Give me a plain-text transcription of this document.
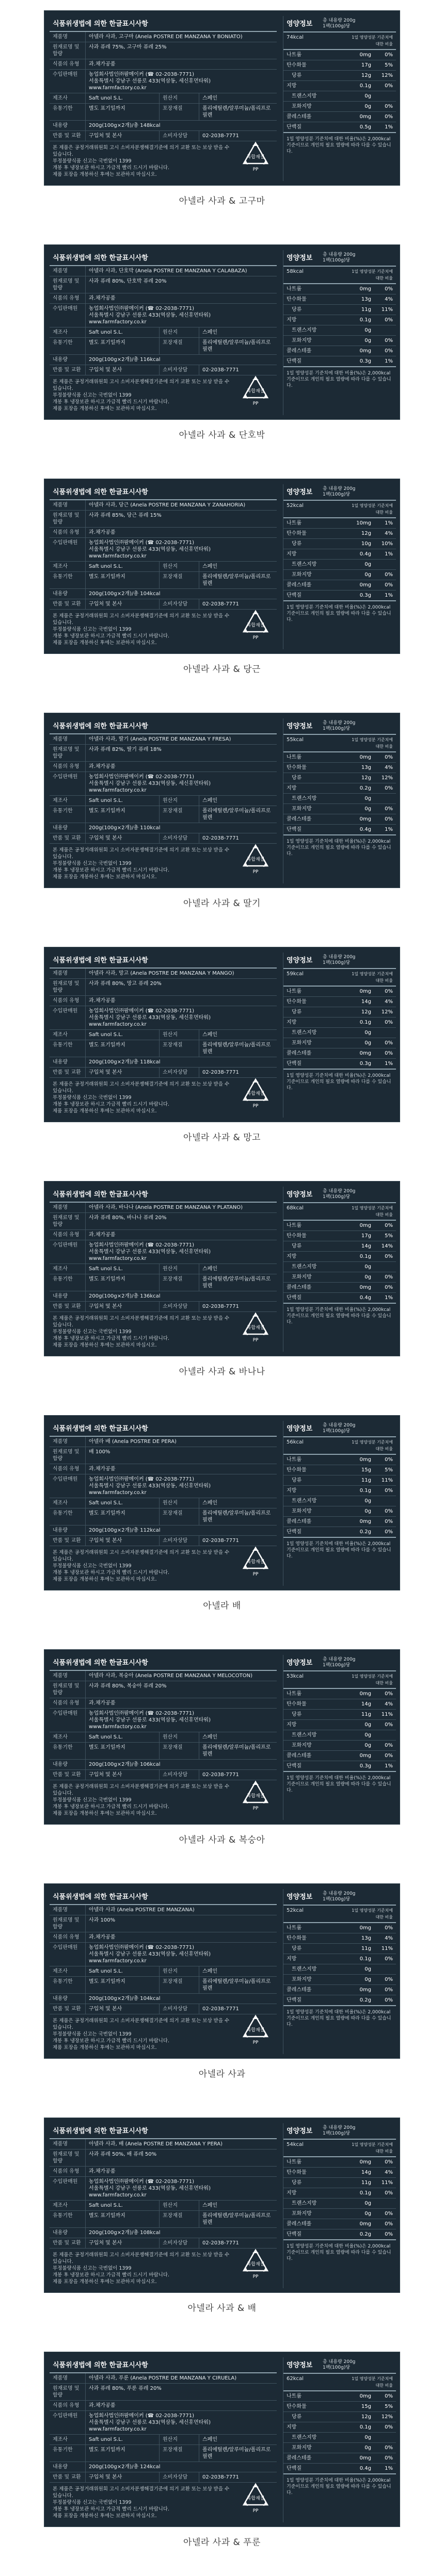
식품위생법에 의한 한글표시사항
제품명	아넬라 사과, 고구마 (Anela POSTRE DE MANZANA Y BONIATO)
원재료명 및 함량
사과 퓨레 75%, 고구마 퓨레 25%
식품의 유형	과.채가공품
수입판매원	농업회사법인㈜팜메이커 (☎ 02-2038-7771)
서울특별시 강남구 선릉로 433(역삼동, 세신휴먼타워)
www.farmfactory.co.kr
제조사	Saft unol S.L.	원산지	스페인
유통기한	별도 표기일까지	포장재질	폴리에틸렌/알루미늄/폴리프로필렌
내용량	200g(100g×2개)/총 148kcal
반품 및 교환	구입처 및 본사	소비자상담	02-2038-7771
본 제품은 공정거래위원회 고시 소비자분쟁해결기준에 의거 교환 또는 보상 받을 수 있습니다.
부정불량식품 신고는 국번없이 1399
개봉 후 냉장보관 하시고 가급적 빨리 드시기 바랍니다.
제품 포장을 개봉하신 후에는 보관하지 마십시오.
복합재질
PP
영양정보	총 내용량 200g
1팩(100g)당
74kcal	1일 영양성분 기준치에 대한 비율
나트륨	0mg	0%
탄수화물	17g	5%
당류	12g	12%
지방	0.1g	0%
트랜스지방	0g
포화지방	0g	0%
콜레스테롤	0mg	0%
단백질	0.5g	1%
1일 영양성분 기준치에 대한 비율(%)은 2,000kcal 기준이므로 개인의 필요 열량에 따라 다를 수 있습니다.
아넬라 사과 & 고구마
식품위생법에 의한 한글표시사항
제품명	아넬라 사과, 단호박 (Anela POSTRE DE MANZANA Y CALABAZA)
원재료명 및 함량
사과 퓨레 80%, 단호박 퓨레 20%
식품의 유형	과.채가공품
수입판매원	농업회사법인㈜팜메이커 (☎ 02-2038-7771)
서울특별시 강남구 선릉로 433(역삼동, 세신휴먼타워)
www.farmfactory.co.kr
제조사	Saft unol S.L.	원산지	스페인
유통기한	별도 표기일까지	포장재질	폴리에틸렌/알루미늄/폴리프로필렌
내용량	200g(100g×2개)/총 116kcal
반품 및 교환	구입처 및 본사	소비자상담	02-2038-7771
본 제품은 공정거래위원회 고시 소비자분쟁해결기준에 의거 교환 또는 보상 받을 수 있습니다.
부정불량식품 신고는 국번없이 1399
개봉 후 냉장보관 하시고 가급적 빨리 드시기 바랍니다.
제품 포장을 개봉하신 후에는 보관하지 마십시오.
복합재질
PP
영양정보	총 내용량 200g
1팩(100g)당
58kcal	1일 영양성분 기준치에 대한 비율
나트륨	0mg	0%
탄수화물	13g	4%
당류	11g	11%
지방	0.1g	0%
트랜스지방	0g
포화지방	0g	0%
콜레스테롤	0mg	0%
단백질	0.3g	1%
1일 영양성분 기준치에 대한 비율(%)은 2,000kcal 기준이므로 개인의 필요 열량에 따라 다를 수 있습니다.
아넬라 사과 & 단호박
식품위생법에 의한 한글표시사항
제품명	아넬라 사과, 당근 (Anela POSTRE DE MANZANA Y ZANAHORIA)
원재료명 및 함량
사과 퓨레 85%, 당근 퓨레 15%
식품의 유형	과.채가공품
수입판매원	농업회사법인㈜팜메이커 (☎ 02-2038-7771)
서울특별시 강남구 선릉로 433(역삼동, 세신휴먼타워)
www.farmfactory.co.kr
제조사	Saft unol S.L.	원산지	스페인
유통기한	별도 표기일까지	포장재질	폴리에틸렌/알루미늄/폴리프로필렌
내용량	200g(100g×2개)/총 104kcal
반품 및 교환	구입처 및 본사	소비자상담	02-2038-7771
본 제품은 공정거래위원회 고시 소비자분쟁해결기준에 의거 교환 또는 보상 받을 수 있습니다.
부정불량식품 신고는 국번없이 1399
개봉 후 냉장보관 하시고 가급적 빨리 드시기 바랍니다.
제품 포장을 개봉하신 후에는 보관하지 마십시오.
복합재질
PP
영양정보	총 내용량 200g
1팩(100g)당
52kcal	1일 영양성분 기준치에 대한 비율
나트륨	10mg	1%
탄수화물	12g	4%
당류	10g	10%
지방	0.4g	1%
트랜스지방	0g
포화지방	0g	0%
콜레스테롤	0mg	0%
단백질	0.3g	1%
1일 영양성분 기준치에 대한 비율(%)은 2,000kcal 기준이므로 개인의 필요 열량에 따라 다를 수 있습니다.
아넬라 사과 & 당근
식품위생법에 의한 한글표시사항
제품명	아넬라 사과, 딸기 (Anela POSTRE DE MANZANA Y FRESA)
원재료명 및 함량
사과 퓨레 82%, 딸기 퓨레 18%
식품의 유형	과.채가공품
수입판매원	농업회사법인㈜팜메이커 (☎ 02-2038-7771)
서울특별시 강남구 선릉로 433(역삼동, 세신휴먼타워)
www.farmfactory.co.kr
제조사	Saft unol S.L.	원산지	스페인
유통기한	별도 표기일까지	포장재질	폴리에틸렌/알루미늄/폴리프로필렌
내용량	200g(100g×2개)/총 110kcal
반품 및 교환	구입처 및 본사	소비자상담	02-2038-7771
본 제품은 공정거래위원회 고시 소비자분쟁해결기준에 의거 교환 또는 보상 받을 수 있습니다.
부정불량식품 신고는 국번없이 1399
개봉 후 냉장보관 하시고 가급적 빨리 드시기 바랍니다.
제품 포장을 개봉하신 후에는 보관하지 마십시오.
복합재질
PP
영양정보	총 내용량 200g
1팩(100g)당
55kcal	1일 영양성분 기준치에 대한 비율
나트륨	0mg	0%
탄수화물	13g	4%
당류	12g	12%
지방	0.2g	0%
트랜스지방	0g
포화지방	0g	0%
콜레스테롤	0mg	0%
단백질	0.4g	1%
1일 영양성분 기준치에 대한 비율(%)은 2,000kcal 기준이므로 개인의 필요 열량에 따라 다를 수 있습니다.
아넬라 사과 & 딸기
식품위생법에 의한 한글표시사항
제품명	아넬라 사과, 망고 (Anela POSTRE DE MANZANA Y MANGO)
원재료명 및 함량
사과 퓨레 80%, 망고 퓨레 20%
식품의 유형	과.채가공품
수입판매원	농업회사법인㈜팜메이커 (☎ 02-2038-7771)
서울특별시 강남구 선릉로 433(역삼동, 세신휴먼타워)
www.farmfactory.co.kr
제조사	Saft unol S.L.	원산지	스페인
유통기한	별도 표기일까지	포장재질	폴리에틸렌/알루미늄/폴리프로필렌
내용량	200g(100g×2개)/총 118kcal
반품 및 교환	구입처 및 본사	소비자상담	02-2038-7771
본 제품은 공정거래위원회 고시 소비자분쟁해결기준에 의거 교환 또는 보상 받을 수 있습니다.
부정불량식품 신고는 국번없이 1399
개봉 후 냉장보관 하시고 가급적 빨리 드시기 바랍니다.
제품 포장을 개봉하신 후에는 보관하지 마십시오.
복합재질
PP
영양정보	총 내용량 200g
1팩(100g)당
59kcal	1일 영양성분 기준치에 대한 비율
나트륨	0mg	0%
탄수화물	14g	4%
당류	12g	12%
지방	0.1g	0%
트랜스지방	0g
포화지방	0g	0%
콜레스테롤	0mg	0%
단백질	0.3g	1%
1일 영양성분 기준치에 대한 비율(%)은 2,000kcal 기준이므로 개인의 필요 열량에 따라 다를 수 있습니다.
아넬라 사과 & 망고
식품위생법에 의한 한글표시사항
제품명	아넬라 사과, 바나나 (Anela POSTRE DE MANZANA Y PLATANO)
원재료명 및 함량
사과 퓨레 80%, 바나나 퓨레 20%
식품의 유형	과.채가공품
수입판매원	농업회사법인㈜팜메이커 (☎ 02-2038-7771)
서울특별시 강남구 선릉로 433(역삼동, 세신휴먼타워)
www.farmfactory.co.kr
제조사	Saft unol S.L.	원산지	스페인
유통기한	별도 표기일까지	포장재질	폴리에틸렌/알루미늄/폴리프로필렌
내용량	200g(100g×2개)/총 136kcal
반품 및 교환	구입처 및 본사	소비자상담	02-2038-7771
본 제품은 공정거래위원회 고시 소비자분쟁해결기준에 의거 교환 또는 보상 받을 수 있습니다.
부정불량식품 신고는 국번없이 1399
개봉 후 냉장보관 하시고 가급적 빨리 드시기 바랍니다.
제품 포장을 개봉하신 후에는 보관하지 마십시오.
복합재질
PP
영양정보	총 내용량 200g
1팩(100g)당
68kcal	1일 영양성분 기준치에 대한 비율
나트륨	0mg	0%
탄수화물	17g	5%
당류	14g	14%
지방	0.1g	0%
트랜스지방	0g
포화지방	0g	0%
콜레스테롤	0mg	0%
단백질	0.4g	1%
1일 영양성분 기준치에 대한 비율(%)은 2,000kcal 기준이므로 개인의 필요 열량에 따라 다를 수 있습니다.
아넬라 사과 & 바나나
식품위생법에 의한 한글표시사항
제품명	아넬라 배 (Anela POSTRE DE PERA)
원재료명 및 함량
배 100%
식품의 유형	과.채가공품
수입판매원	농업회사법인㈜팜메이커 (☎ 02-2038-7771)
서울특별시 강남구 선릉로 433(역삼동, 세신휴먼타워)
www.farmfactory.co.kr
제조사	Saft unol S.L.	원산지	스페인
유통기한	별도 표기일까지	포장재질	폴리에틸렌/알루미늄/폴리프로필렌
내용량	200g(100g×2개)/총 112kcal
반품 및 교환	구입처 및 본사	소비자상담	02-2038-7771
본 제품은 공정거래위원회 고시 소비자분쟁해결기준에 의거 교환 또는 보상 받을 수 있습니다.
부정불량식품 신고는 국번없이 1399
개봉 후 냉장보관 하시고 가급적 빨리 드시기 바랍니다.
제품 포장을 개봉하신 후에는 보관하지 마십시오.
복합재질
PP
영양정보	총 내용량 200g
1팩(100g)당
56kcal	1일 영양성분 기준치에 대한 비율
나트륨	0mg	0%
탄수화물	15g	5%
당류	11g	11%
지방	0.1g	0%
트랜스지방	0g
포화지방	0g	0%
콜레스테롤	0mg	0%
단백질	0.2g	0%
1일 영양성분 기준치에 대한 비율(%)은 2,000kcal 기준이므로 개인의 필요 열량에 따라 다를 수 있습니다.
아넬라 배
식품위생법에 의한 한글표시사항
제품명	아넬라 사과, 복숭아 (Anela POSTRE DE MANZANA Y MELOCOTON)
원재료명 및 함량
사과 퓨레 80%, 복숭아 퓨레 20%
식품의 유형	과.채가공품
수입판매원	농업회사법인㈜팜메이커 (☎ 02-2038-7771)
서울특별시 강남구 선릉로 433(역삼동, 세신휴먼타워)
www.farmfactory.co.kr
제조사	Saft unol S.L.	원산지	스페인
유통기한	별도 표기일까지	포장재질	폴리에틸렌/알루미늄/폴리프로필렌
내용량	200g(100g×2개)/총 106kcal
반품 및 교환	구입처 및 본사	소비자상담	02-2038-7771
본 제품은 공정거래위원회 고시 소비자분쟁해결기준에 의거 교환 또는 보상 받을 수 있습니다.
부정불량식품 신고는 국번없이 1399
개봉 후 냉장보관 하시고 가급적 빨리 드시기 바랍니다.
제품 포장을 개봉하신 후에는 보관하지 마십시오.
복합재질
PP
영양정보	총 내용량 200g
1팩(100g)당
53kcal	1일 영양성분 기준치에 대한 비율
나트륨	0mg	0%
탄수화물	14g	4%
당류	11g	11%
지방	0g	0%
트랜스지방	0g
포화지방	0g	0%
콜레스테롤	0mg	0%
단백질	0.3g	1%
1일 영양성분 기준치에 대한 비율(%)은 2,000kcal 기준이므로 개인의 필요 열량에 따라 다를 수 있습니다.
아넬라 사과 & 복숭아
식품위생법에 의한 한글표시사항
제품명	아넬라 사과 (Anela POSTRE DE MANZANA)
원재료명 및 함량
사과 100%
식품의 유형	과.채가공품
수입판매원	농업회사법인㈜팜메이커 (☎ 02-2038-7771)
서울특별시 강남구 선릉로 433(역삼동, 세신휴먼타워)
www.farmfactory.co.kr
제조사	Saft unol S.L.	원산지	스페인
유통기한	별도 표기일까지	포장재질	폴리에틸렌/알루미늄/폴리프로필렌
내용량	200g(100g×2개)/총 104kcal
반품 및 교환	구입처 및 본사	소비자상담	02-2038-7771
본 제품은 공정거래위원회 고시 소비자분쟁해결기준에 의거 교환 또는 보상 받을 수 있습니다.
부정불량식품 신고는 국번없이 1399
개봉 후 냉장보관 하시고 가급적 빨리 드시기 바랍니다.
제품 포장을 개봉하신 후에는 보관하지 마십시오.
복합재질
PP
영양정보	총 내용량 200g
1팩(100g)당
52kcal	1일 영양성분 기준치에 대한 비율
나트륨	0mg	0%
탄수화물	13g	4%
당류	11g	11%
지방	0.1g	0%
트랜스지방	0g
포화지방	0g	0%
콜레스테롤	0mg	0%
단백질	0.2g	0%
1일 영양성분 기준치에 대한 비율(%)은 2,000kcal 기준이므로 개인의 필요 열량에 따라 다를 수 있습니다.
아넬라 사과
식품위생법에 의한 한글표시사항
제품명	아넬라 사과, 배 (Anela POSTRE DE MANZANA Y PERA)
원재료명 및 함량
사과 퓨레 50%, 배 퓨레 50%
식품의 유형	과.채가공품
수입판매원	농업회사법인㈜팜메이커 (☎ 02-2038-7771)
서울특별시 강남구 선릉로 433(역삼동, 세신휴먼타워)
www.farmfactory.co.kr
제조사	Saft unol S.L.	원산지	스페인
유통기한	별도 표기일까지	포장재질	폴리에틸렌/알루미늄/폴리프로필렌
내용량	200g(100g×2개)/총 108kcal
반품 및 교환	구입처 및 본사	소비자상담	02-2038-7771
본 제품은 공정거래위원회 고시 소비자분쟁해결기준에 의거 교환 또는 보상 받을 수 있습니다.
부정불량식품 신고는 국번없이 1399
개봉 후 냉장보관 하시고 가급적 빨리 드시기 바랍니다.
제품 포장을 개봉하신 후에는 보관하지 마십시오.
복합재질
PP
영양정보	총 내용량 200g
1팩(100g)당
54kcal	1일 영양성분 기준치에 대한 비율
나트륨	0mg	0%
탄수화물	14g	4%
당류	11g	11%
지방	0.1g	0%
트랜스지방	0g
포화지방	0g	0%
콜레스테롤	0mg	0%
단백질	0.2g	0%
1일 영양성분 기준치에 대한 비율(%)은 2,000kcal 기준이므로 개인의 필요 열량에 따라 다를 수 있습니다.
아넬라 사과 & 배
식품위생법에 의한 한글표시사항
제품명	아넬라 사과, 푸룬 (Anela POSTRE DE MANZANA Y CIRUELA)
원재료명 및 함량
사과 퓨레 80%, 푸룬 퓨레 20%
식품의 유형	과.채가공품
수입판매원	농업회사법인㈜팜메이커 (☎ 02-2038-7771)
서울특별시 강남구 선릉로 433(역삼동, 세신휴먼타워)
www.farmfactory.co.kr
제조사	Saft unol S.L.	원산지	스페인
유통기한	별도 표기일까지	포장재질	폴리에틸렌/알루미늄/폴리프로필렌
내용량	200g(100g×2개)/총 124kcal
반품 및 교환	구입처 및 본사	소비자상담	02-2038-7771
본 제품은 공정거래위원회 고시 소비자분쟁해결기준에 의거 교환 또는 보상 받을 수 있습니다.
부정불량식품 신고는 국번없이 1399
개봉 후 냉장보관 하시고 가급적 빨리 드시기 바랍니다.
제품 포장을 개봉하신 후에는 보관하지 마십시오.
복합재질
PP
영양정보	총 내용량 200g
1팩(100g)당
62kcal	1일 영양성분 기준치에 대한 비율
나트륨	0mg	0%
탄수화물	15g	5%
당류	12g	12%
지방	0.1g	0%
트랜스지방	0g
포화지방	0g	0%
콜레스테롤	0mg	0%
단백질	0.4g	1%
1일 영양성분 기준치에 대한 비율(%)은 2,000kcal 기준이므로 개인의 필요 열량에 따라 다를 수 있습니다.
아넬라 사과 & 푸룬
